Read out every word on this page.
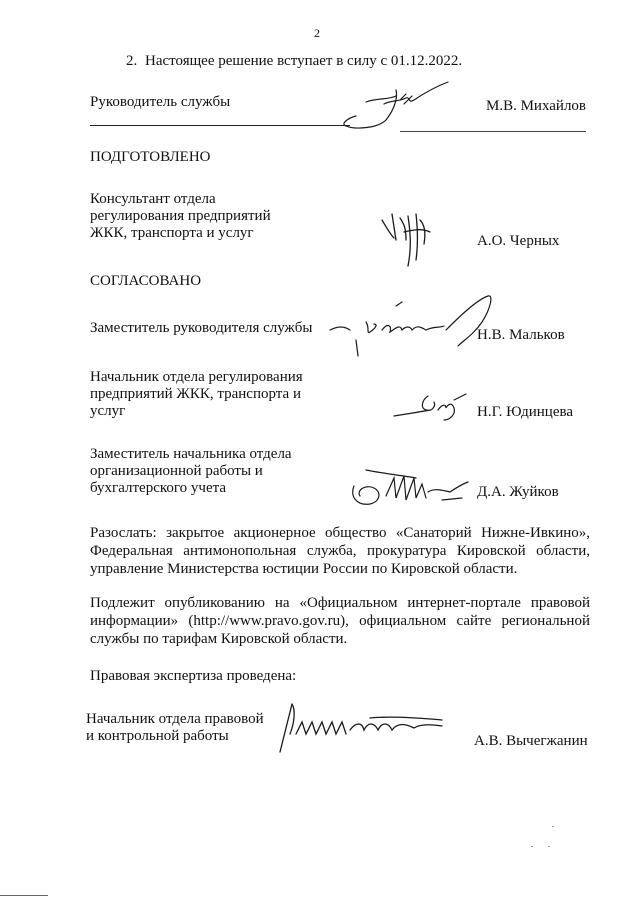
2
2. Настоящее решение вступает в силу с 01.12.2022.
Руководитель службы	М.В. Михайлов
ПОДГОТОВЛЕНО
Консультант отдела
регулирования предприятий
ЖКК, транспорта и услуг	А.О. Черных
СОГЛАСОВАНО
Заместитель руководителя службы	Н.В. Мальков
Начальник отдела регулирования
предприятий ЖКК, транспорта и
услуг	Н.Г. Юдинцева
Заместитель начальника отдела
организационной работы и
бухгалтерского учета	Д.А. Жуйков
Разослать: закрытое акционерное общество «Санаторий Нижне-Ивкино», Федеральная антимонопольная служба, прокуратура Кировской области, управление Министерства юстиции России по Кировской области.
Подлежит опубликованию на «Официальном интернет-портале правовой информации» (http://www.pravo.gov.ru), официальном сайте региональной службы по тарифам Кировской области.
Правовая экспертиза проведена:
Начальник отдела правовой
и контрольной работы	А.В. Вычегжанин
